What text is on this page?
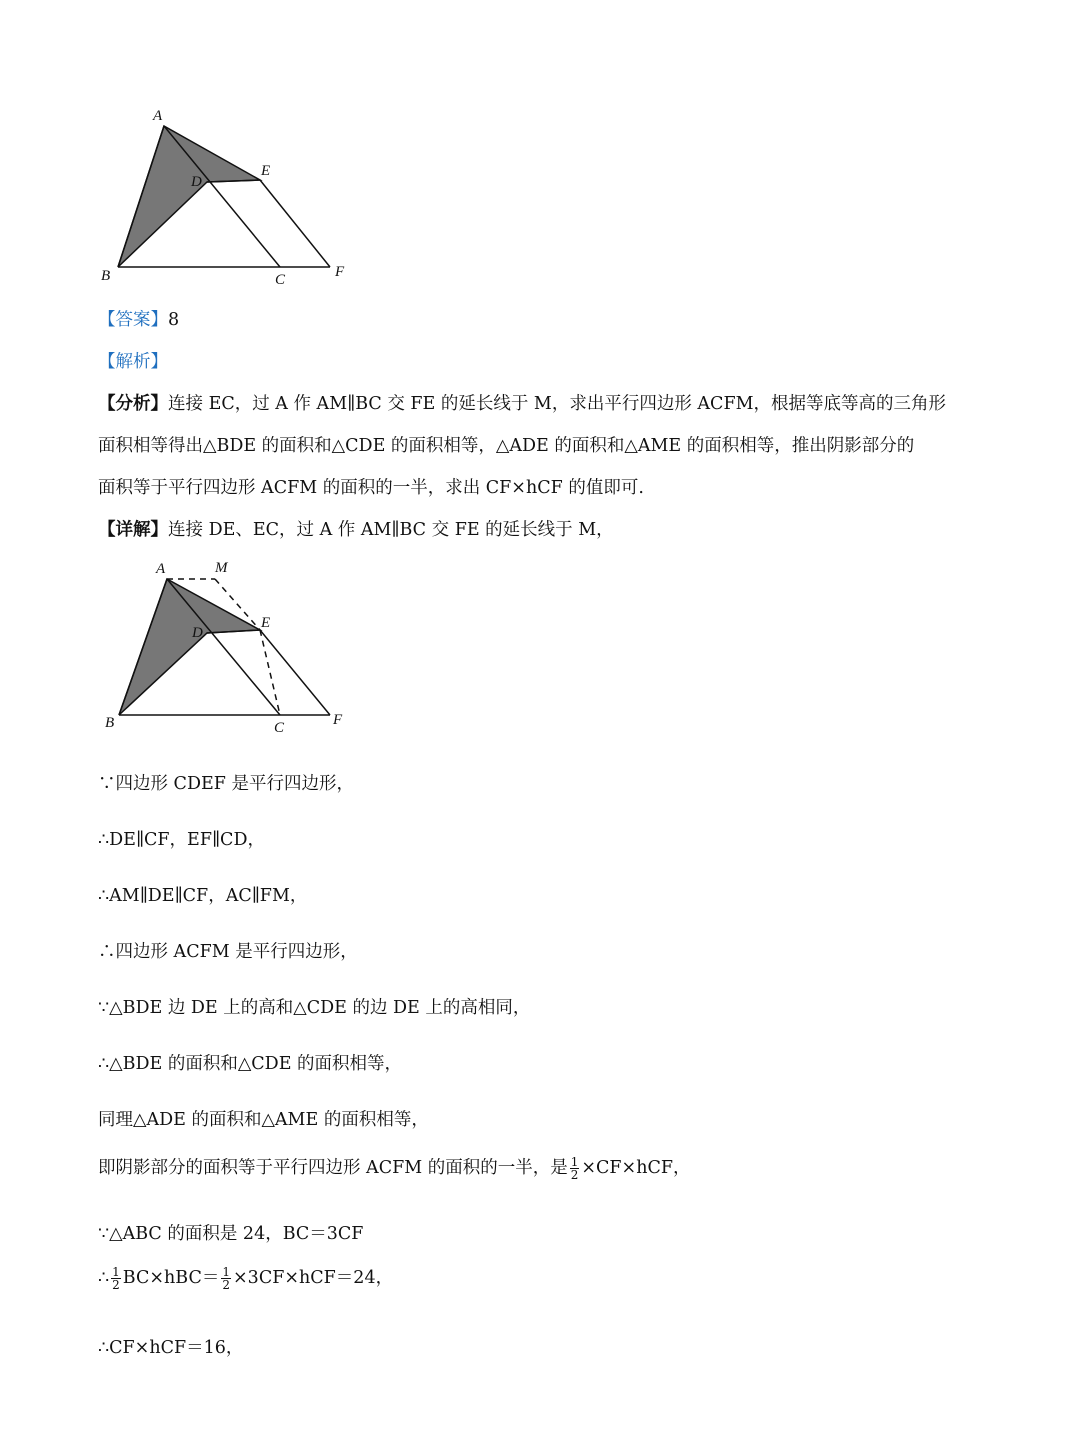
A
D
E
B	C	F
【答案】8
【解析】
【分析】连接 EC，过 A 作 AM∥BC 交 FE 的延长线于 M，求出平行四边形 ACFM，根据等底等高的三角形
面积相等得出△BDE 的面积和△CDE 的面积相等，△ADE 的面积和△AME 的面积相等，推出阴影部分的
面积等于平行四边形 ACFM 的面积的一半，求出 CF×hCF 的值即可.
【详解】连接 DE、EC，过 A 作 AM∥BC 交 FE 的延长线于 M，
A	M
D
E
B	C	F
∵四边形 CDEF 是平行四边形，
∴DE∥CF，EF∥CD，
∴AM∥DE∥CF，AC∥FM，
∴四边形 ACFM 是平行四边形，
∵△BDE 边 DE 上的高和△CDE 的边 DE 上的高相同，
∴△BDE 的面积和△CDE 的面积相等，
同理△ADE 的面积和△AME 的面积相等，
即阴影部分的面积等于平行四边形 ACFM 的面积的一半，是 $\frac{1}{2} \times CF\times hCF$，
∵△ABC 的面积是 24，BC＝3CF
∴ $\frac{1}{2} BC\times hBC= \frac{1}{2} \times 3CF\times hCF=24$，
∴CF×hCF＝16，
